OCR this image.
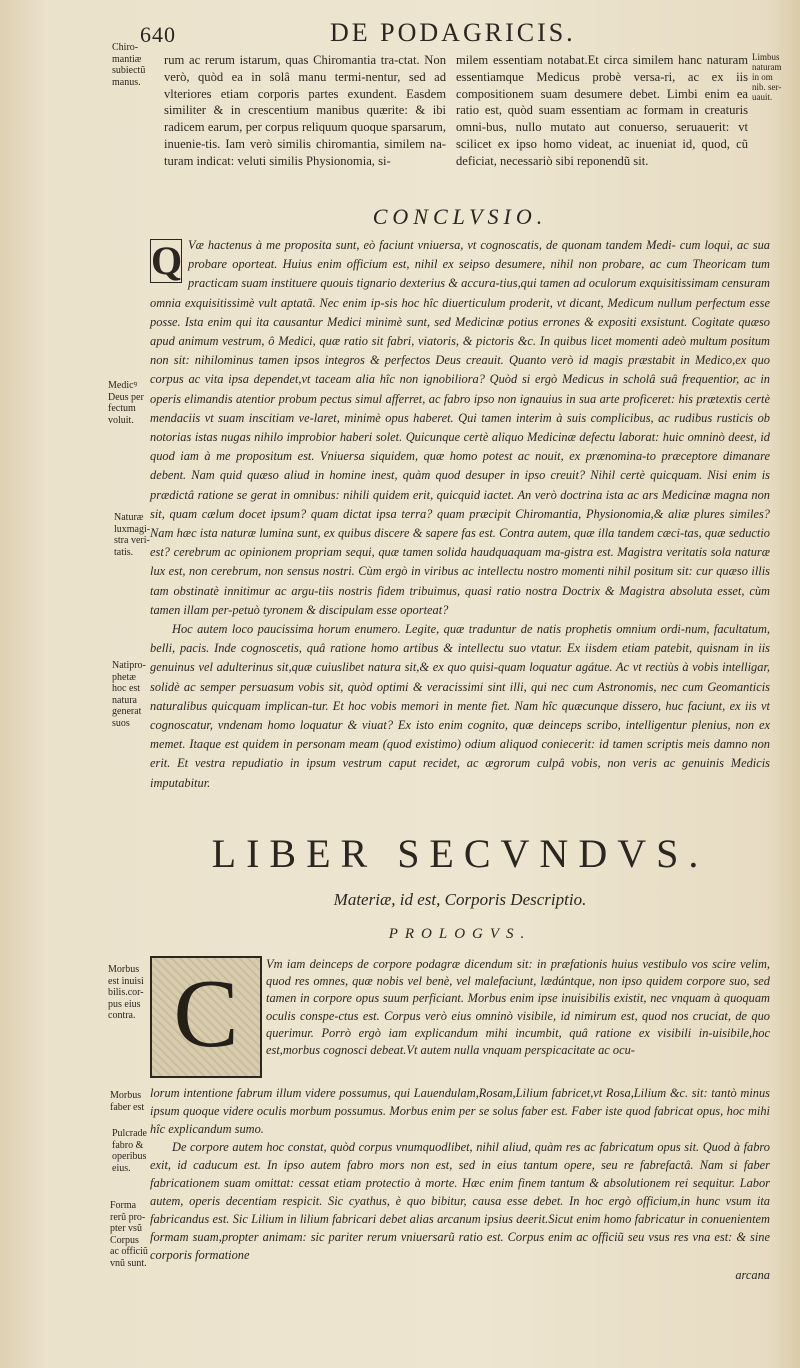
640	DE PODAGRICIS.
Chiro-
mantiæ
subiectũ
manus.
Medicꝰ
Deus per
fectum
voluit.
Naturæ
luxmagi-
stra veri-
tatis.
Natipro-
phetæ
hoc est
natura
generat
suos
Morbus
est inuisi
bilis.cor-
pus eius
contra.
Morbus
faber est
Pulcrade
fabro &
operibus
eius.
Forma
rerũ pro-
pter vsũ
Corpus
ac officiũ
vnũ sunt.
Limbus
naturam
in om
nib. ser-
uauit.

rum ac rerum istarum, quas Chiromantia tra-ctat. Non verò, quòd ea in solâ manu termi-nentur, sed ad vlteriores etiam corporis partes exundent. Easdem similiter & in crescentium manibus quærite: & ibi radicem earum, per corpus reliquum quoque sparsarum, inuenie-tis. Iam verò similis chiromantia, similem na-turam indicat: veluti similis Physionomia, si-

milem essentiam notabat.Et circa similem hanc naturam essentiamque Medicus probè versa-ri, ac ex iis compositionem suam desumere debet. Limbi enim ea ratio est, quòd suam essentiam ac formam in creaturis omni-bus, nullo mutato aut conuerso, seruauerit: vt scilicet ex ipso homo videat, ac inueniat id, quod, cũ deficiat, necessariò sibi reponendũ sit.

CONCLVSIO.

Q Væ hactenus à me proposita sunt, eò faciunt vniuersa, vt cognoscatis, de quonam tandem Medi- cum loqui, ac sua probare oporteat. Huius enim officium est, nihil ex seipso desumere, nihil non probare, ac cum Theoricam tum practicam suam instituere quouis tignario dexterius & accura-tius,qui tamen ad oculorum exquisitissimam censuram omnia exquisitissimè vult aptatã. Nec enim ip-sis hoc hîc diuerticulum proderit, vt dicant, Medicum nullum perfectum esse posse. Ista enim qui ita causantur Medici minimè sunt, sed Medicinæ potius errones & expositi exsistunt. Cogitate quæso apud animum vestrum, ô Medici, quæ ratio sit fabri, viatoris, & pictoris &c. In quibus licet momenti adeò multum positum non sit: nihilominus tamen ipsos integros & perfectos Deus creauit. Quanto verò id magis præstabit in Medico,ex quo corpus ac vita ipsa dependet,vt taceam alia hîc non ignobiliora? Quòd si ergò Medicus in scholâ suâ frequentior, ac in operis elimandis atentior probum pectus simul afferret, ac fabro ipso non ignauius in sua arte proficeret: his prætextis certè mendaciis vt suam inscitiam ve-laret, minimè opus haberet. Qui tamen interim à suis complicibus, ac rudibus rusticis ob notorias istas nugas nihilo improbior haberi solet. Quicunque certè aliquo Medicinæ defectu laborat: huic omninò deest, id quod iam à me propositum est. Vniuersa siquidem, quæ homo potest ac nouit, ex prænomina-to præceptore dimanare debent. Nam quid quæso aliud in homine inest, quàm quod desuper in ipso creuit? Nihil certè quicquam. Nisi enim is prædictâ ratione se gerat in omnibus: nihili quidem erit, quicquid iactet. An verò doctrina ista ac ars Medicinæ magna non sit, quam cælum docet ipsum? quam dictat ipsa terra? quam præcipit Chiromantia, Physionomia,& aliæ plures similes? Nam hæc ista naturæ lumina sunt, ex quibus discere & sapere fas est. Contra autem, quæ illa tandem cæci-tas, quæ seductio est? cerebrum ac opinionem propriam sequi, quæ tamen solida haudquaquam ma-gistra est. Magistra veritatis sola naturæ lux est, non cerebrum, non sensus nostri. Cùm ergò in viribus ac intellectu nostro momenti nihil positum sit: cur quæso illis tam obstinatè innitimur ac argu-tiis nostris fidem tribuimus, quasi ratio nostra Doctrix & Magistra absoluta esset, cùm tamen illam per-petuò tyronem & discipulam esse oporteat?

Hoc autem loco paucissima horum enumero. Legite, quæ traduntur de natis prophetis omnium ordi-num, facultatum, belli, pacis. Inde cognoscetis, quâ ratione homo artibus & intellectu suo vtatur. Ex iisdem etiam patebit, quisnam in iis genuinus vel adulterinus sit,quæ cuiuslibet natura sit,& ex quo quisi-quam loquatur agátue. Ac vt rectiùs à vobis intelligar, solidè ac semper persuasum vobis sit, quòd optimi & veracissimi sint illi, qui nec cum Astronomis, nec cum Geomanticis naturalibus quicquam implican-tur. Et hoc vobis memori in mente fiet. Nam hîc quæcunque dissero, huc faciunt, ex iis vt cognoscatur, vndenam homo loquatur & viuat? Ex isto enim cognito, quæ deinceps scribo, intelligentur plenius, non ex memet. Itaque est quidem in personam meam (quod existimo) odium aliquod coniecerit: id tamen scriptis meis damno non erit. Et vestra repudiatio in ipsum vestrum caput recidet, ac ægrorum culpâ vobis, non veris ac genuinis Medicis imputabitur.

LIBER SECVNDVS.
Materiæ, id est, Corporis Descriptio.
PROLOGVS.
C	Vm iam deinceps de corpore podagræ dicendum sit: in præfationis huius vestibulo vos scire velim, quod res omnes, quæ nobis vel benè, vel malefaciunt, lædúntque, non ipso quidem corpore suo, sed tamen in corpore opus suum perficiant. Morbus enim ipse inuisibilis existit, nec vnquam à quoquam oculis conspe-ctus est. Corpus verò eius omninò visibile, id nimirum est, quod nos cruciat, de quo querimur. Porrò ergò iam explicandum mihi incumbit, quâ ratione ex visibili in-uisibile,hoc est,morbus cognosci debeat.Vt autem nulla vnquam perspicacitate ac ocu-

lorum intentione fabrum illum videre possumus, qui Lauendulam,Rosam,Lilium fabricet,vt Rosa,Lilium &c. sit: tantò minus ipsum quoque videre oculis morbum possumus. Morbus enim per se solus faber est. Faber iste quod fabricat opus, hoc mihi hîc explicandum sumo.

De corpore autem hoc constat, quòd corpus vnumquodlibet, nihil aliud, quàm res ac fabricatum opus sit. Quod à fabro exit, id caducum est. In ipso autem fabro mors non est, sed in eius tantum opere, seu re fabrefactâ. Nam si faber fabricationem suam omittat: cessat etiam protectio à morte. Hæc enim finem tantum & absolutionem rei sequitur. Labor autem, operis decentiam respicit. Sic cyathus, è quo bibitur, causa esse debet. In hoc ergò officium,in hunc vsum ita fabricandus est. Sic Lilium in lilium fabricari debet alias arcanum ipsius deerit.Sicut enim homo fabricatur in conuenientem formam suam,propter animam: sic pariter rerum vniuersarũ ratio est. Corpus enim ac officiũ seu vsus res vna est: & sine corporis formatione

arcana
